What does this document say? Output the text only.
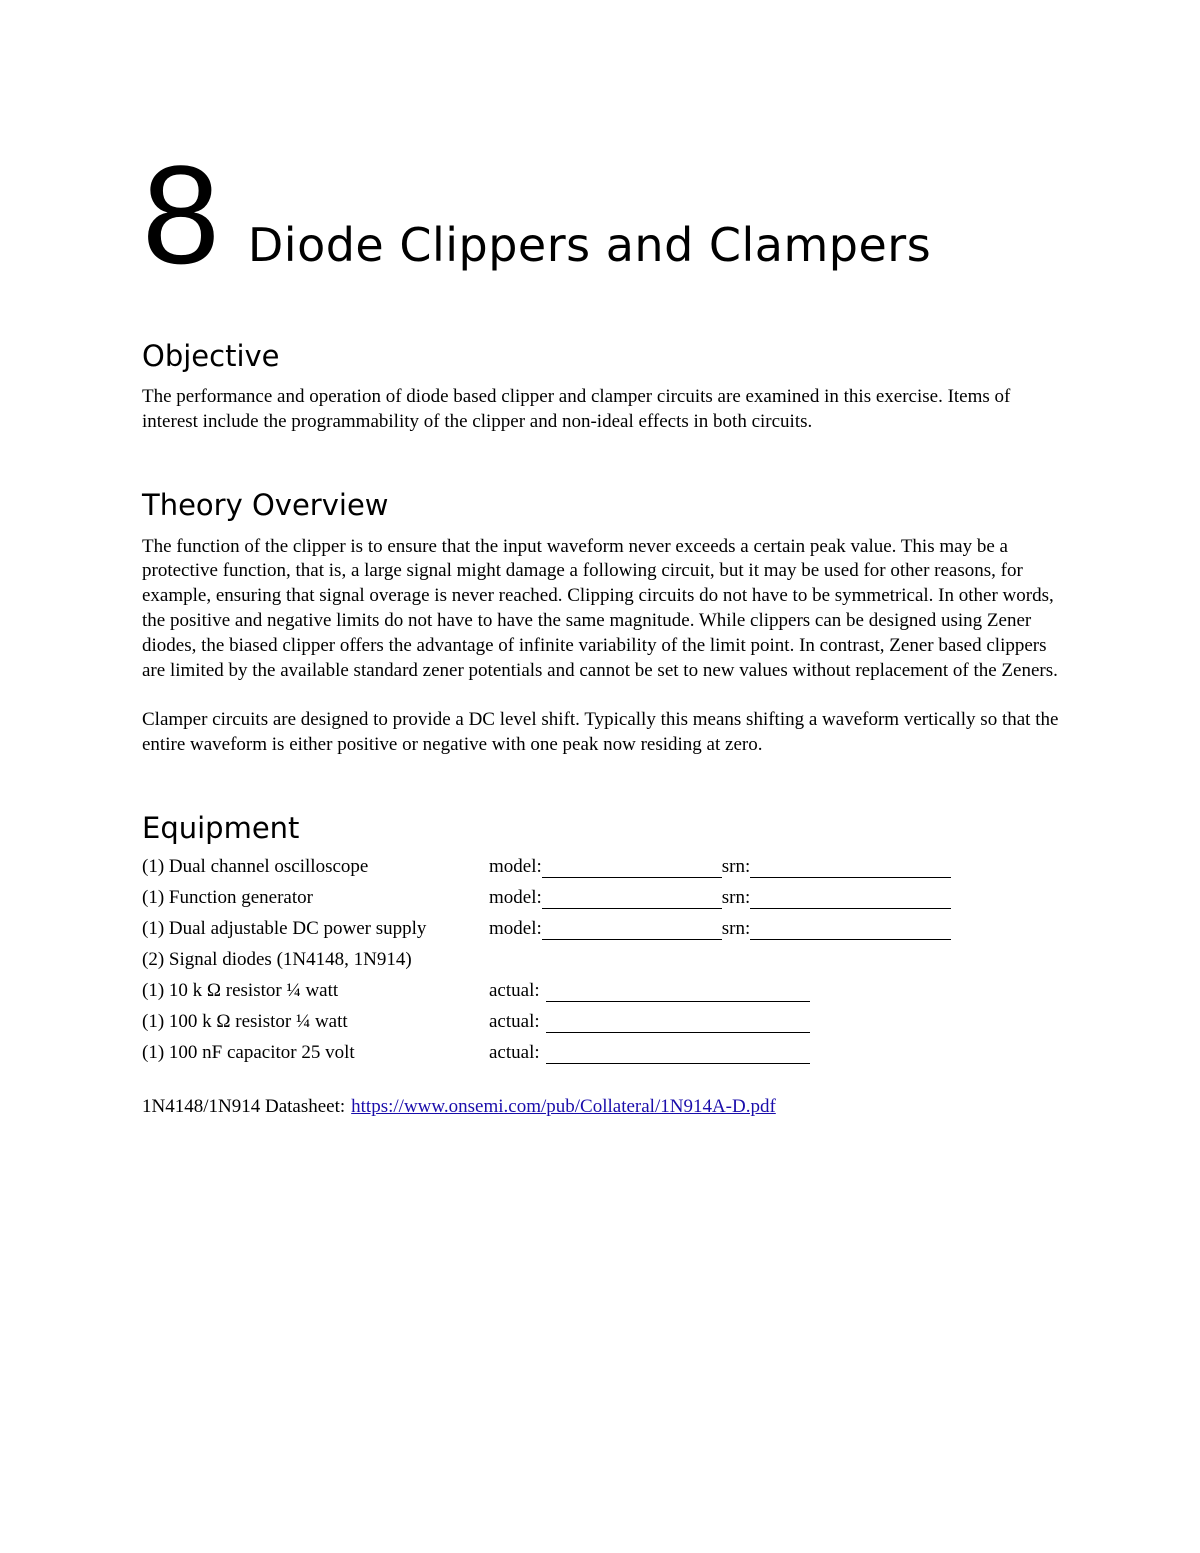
8 Diode Clippers and Clampers
Objective

The performance and operation of diode based clipper and clamper circuits are examined in this exercise. Items of interest include the programmability of the clipper and non-ideal effects in both circuits.

Theory Overview

The function of the clipper is to ensure that the input waveform never exceeds a certain peak value. This may be a protective function, that is, a large signal might damage a following circuit, but it may be used for other reasons, for example, ensuring that signal overage is never reached. Clipping circuits do not have to be symmetrical. In other words, the positive and negative limits do not have to have the same magnitude. While clippers can be designed using Zener diodes, the biased clipper offers the advantage of infinite variability of the limit point. In contrast, Zener based clippers are limited by the available standard zener potentials and cannot be set to new values without replacement of the Zeners.

Clamper circuits are designed to provide a DC level shift. Typically this means shifting a waveform vertically so that the entire waveform is either positive or negative with one peak now residing at zero.

Equipment
(1) Dual channel oscilloscope	model:	srn:
(1) Function generator	model:	srn:
(1) Dual adjustable DC power supply	model:	srn:
(2) Signal diodes (1N4148, 1N914)
(1) 10 k Ω resistor ¼ watt	actual:
(1) 100 k Ω resistor ¼ watt	actual:
(1) 100 nF capacitor 25 volt	actual:
1N4148/1N914 Datasheet: https://www.onsemi.com/pub/Collateral/1N914A-D.pdf
